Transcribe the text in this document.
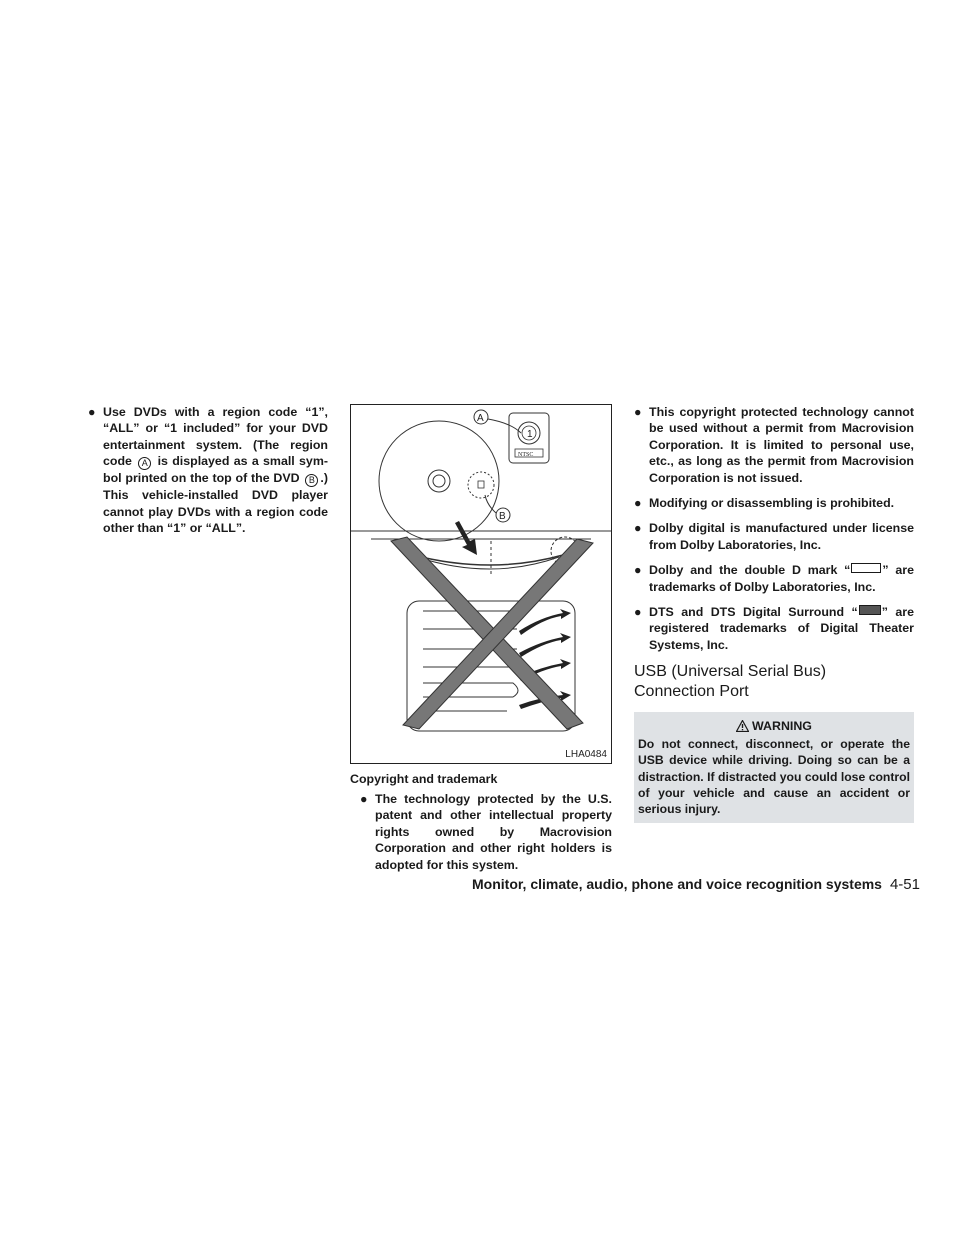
● Use DVDs with a region code “1”, “ALL” or “1 included” for your DVD entertainment system. (The region code A is displayed as a small symbol printed on the top of the DVD B .) This vehicle-installed DVD player cannot play DVDs with a region code other than “1” or “ALL”.
1
NTSC
A
B
LHA0484
Copyright and trademark
● The technology protected by the U.S. patent and other intellectual property rights owned by Macrovision Corporation and other right holders is adopted for this system.
● This copyright protected technology cannot be used without a permit from Macrovision Corporation. It is limited to personal use, etc., as long as the permit from Macrovision Corporation is not issued.
● Modifying or disassembling is prohibited.
● Dolby digital is manufactured under license from Dolby Laboratories, Inc.
● Dolby and the double D mark “	” are trademarks of Dolby Laboratories, Inc.
● DTS and DTS Digital Surround “ ” are registered trademarks of Digital Theater Systems, Inc.
USB (Universal Serial Bus)
Connection Port
WARNING
Do not connect, disconnect, or operate the USB device while driving. Doing so can be a distraction. If distracted you could lose control of your vehicle and cause an accident or serious injury.
Monitor, climate, audio, phone and voice recognition systems 4-51
